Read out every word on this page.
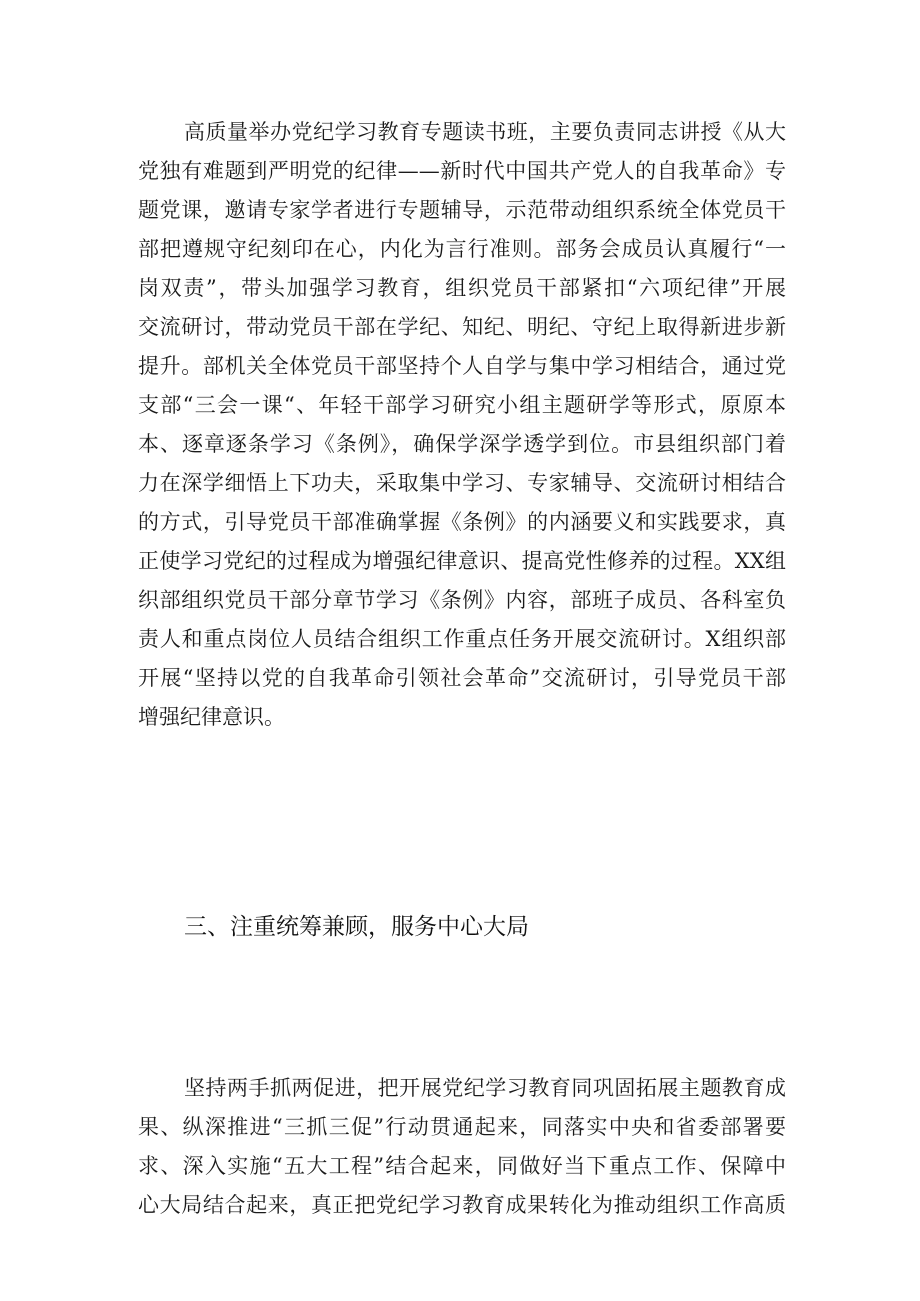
高质量举办党纪学习教育专题读书班，主要负责同志讲授《从大
党独有难题到严明党的纪律——新时代中国共产党人的自我革命》专
题党课，邀请专家学者进行专题辅导，示范带动组织系统全体党员干
部把遵规守纪刻印在心，内化为言行准则。部务会成员认真履行“一
岗双责”，带头加强学习教育，组织党员干部紧扣“六项纪律”开展
交流研讨，带动党员干部在学纪、知纪、明纪、守纪上取得新进步新
提升。部机关全体党员干部坚持个人自学与集中学习相结合，通过党
支部“三会一课“、年轻干部学习研究小组主题研学等形式，原原本
本、逐章逐条学习《条例》，确保学深学透学到位。市县组织部门着
力在深学细悟上下功夫，采取集中学习、专家辅导、交流研讨相结合
的方式，引导党员干部准确掌握《条例》的内涵要义和实践要求，真
正使学习党纪的过程成为增强纪律意识、提高党性修养的过程。XX组
织部组织党员干部分章节学习《条例》内容，部班子成员、各科室负
责人和重点岗位人员结合组织工作重点任务开展交流研讨。X组织部
开展“坚持以党的自我革命引领社会革命”交流研讨，引导党员干部
增强纪律意识。
三、注重统筹兼顾，服务中心大局
坚持两手抓两促进，把开展党纪学习教育同巩固拓展主题教育成
果、纵深推进“三抓三促”行动贯通起来，同落实中央和省委部署要
求、深入实施“五大工程”结合起来，同做好当下重点工作、保障中
心大局结合起来，真正把党纪学习教育成果转化为推动组织工作高质
